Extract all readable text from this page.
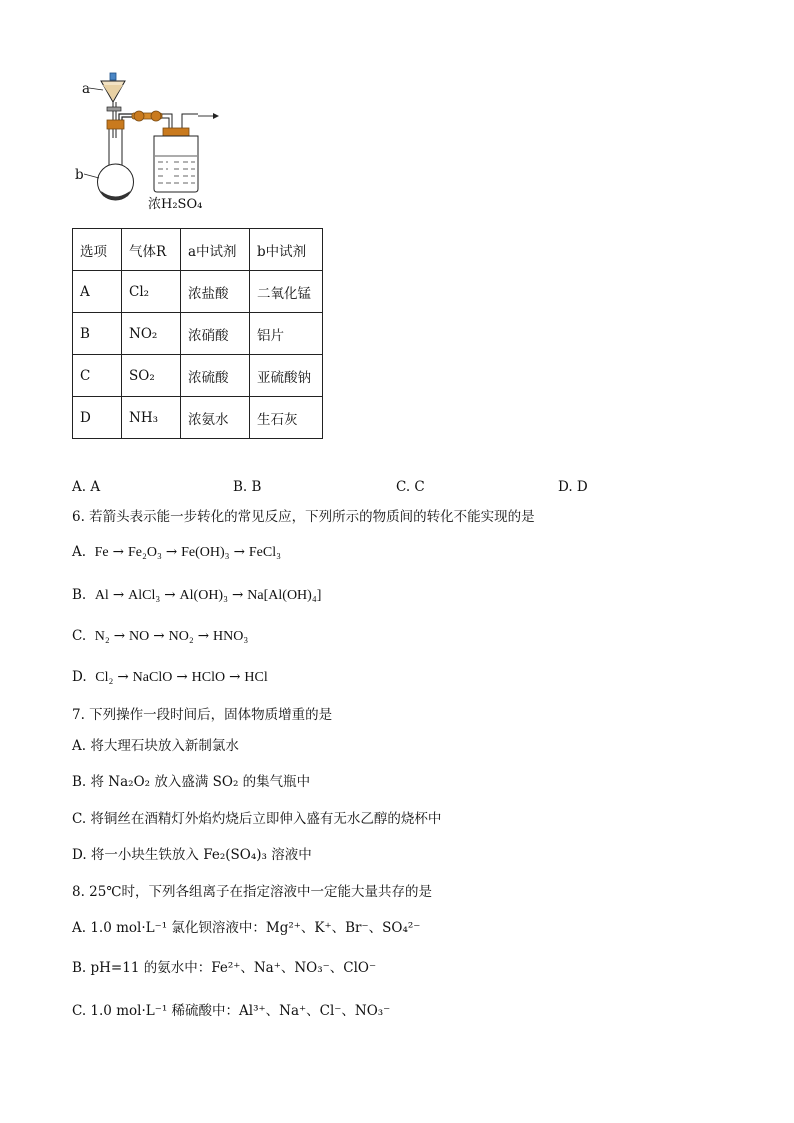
a
b
浓H₂SO₄
选项	气体R	a中试剂	b中试剂
A	Cl₂	浓盐酸	二氧化锰
B	NO₂	浓硝酸	铝片
C	SO₂	浓硫酸	亚硫酸钠
D	NH₃	浓氨水	生石灰
A. A	B. B	C. C	D. D
6. 若箭头表示能一步转化的常见反应，下列所示的物质间的转化不能实现的是
A. Fe → Fe₂O₃ → Fe(OH)₃ → FeCl₃
B. Al → AlCl₃ → Al(OH)₃ → Na[Al(OH)₄]
C. N₂ → NO → NO₂ → HNO₃
D. Cl₂ → NaClO → HClO → HCl
7. 下列操作一段时间后，固体物质增重的是
A. 将大理石块放入新制氯水
B. 将 Na₂O₂ 放入盛满 SO₂ 的集气瓶中
C. 将铜丝在酒精灯外焰灼烧后立即伸入盛有无水乙醇的烧杯中
D. 将一小块生铁放入 Fe₂(SO₄)₃ 溶液中
8. 25℃时，下列各组离子在指定溶液中一定能大量共存的是
A. 1.0 mol·L⁻¹ 氯化钡溶液中：Mg²⁺、K⁺、Br⁻、SO₄²⁻
B. pH=11 的氨水中：Fe²⁺、Na⁺、NO₃⁻、ClO⁻
C. 1.0 mol·L⁻¹ 稀硫酸中：Al³⁺、Na⁺、Cl⁻、NO₃⁻
